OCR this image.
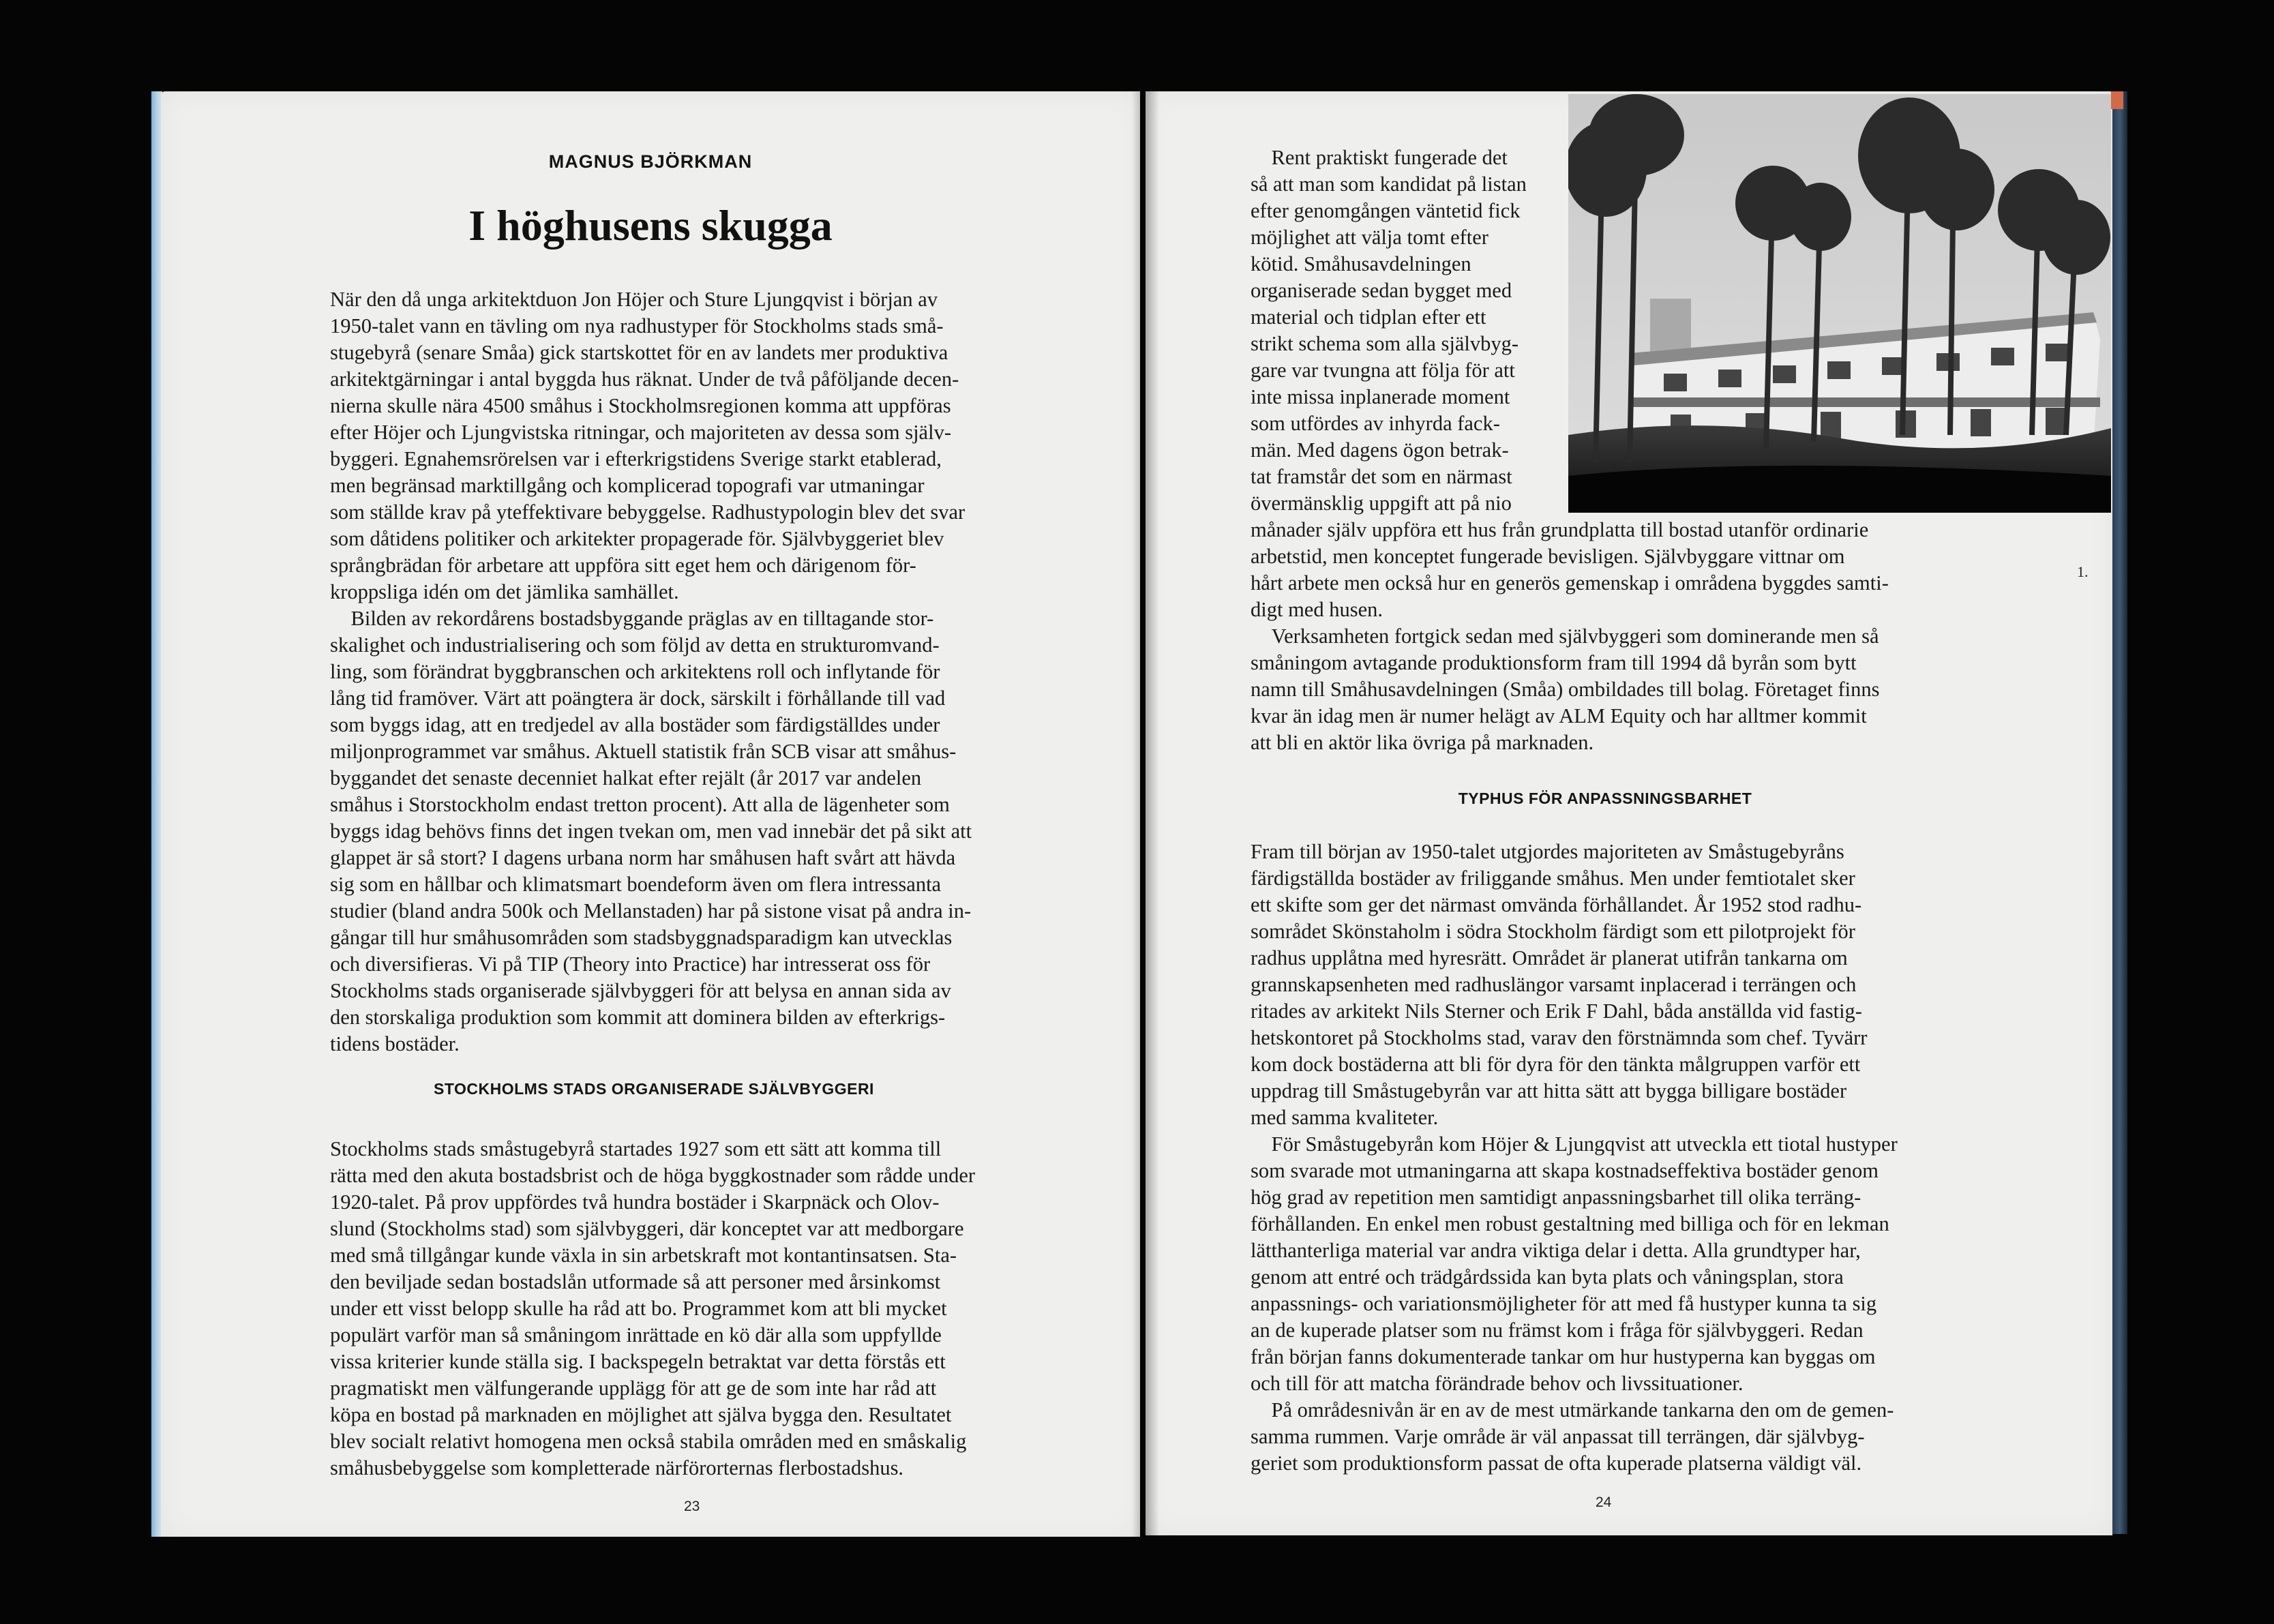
MAGNUS BJÖRKMAN
I höghusens skugga
När den då unga arkitektduon Jon Höjer och Sture Ljungqvist i början av
1950-talet vann en tävling om nya radhustyper för Stockholms stads små-
stugebyrå (senare Småa) gick startskottet för en av landets mer produktiva
arkitektgärningar i antal byggda hus räknat. Under de två påföljande decen-
nierna skulle nära 4500 småhus i Stockholmsregionen komma att uppföras
efter Höjer och Ljungvistska ritningar, och majoriteten av dessa som själv-
byggeri. Egnahemsrörelsen var i efterkrigstidens Sverige starkt etablerad,
men begränsad marktillgång och komplicerad topografi var utmaningar
som ställde krav på yteffektivare bebyggelse. Radhustypologin blev det svar
som dåtidens politiker och arkitekter propagerade för. Självbyggeriet blev
språngbrädan för arbetare att uppföra sitt eget hem och därigenom för-
kroppsliga idén om det jämlika samhället.
 Bilden av rekordårens bostadsbyggande präglas av en tilltagande stor-
skalighet och industrialisering och som följd av detta en strukturomvand-
ling, som förändrat byggbranschen och arkitektens roll och inflytande för
lång tid framöver. Värt att poängtera är dock, särskilt i förhållande till vad
som byggs idag, att en tredjedel av alla bostäder som färdigställdes under
miljonprogrammet var småhus. Aktuell statistik från SCB visar att småhus-
byggandet det senaste decenniet halkat efter rejält (år 2017 var andelen
småhus i Storstockholm endast tretton procent). Att alla de lägenheter som
byggs idag behövs finns det ingen tvekan om, men vad innebär det på sikt att
glappet är så stort? I dagens urbana norm har småhusen haft svårt att hävda
sig som en hållbar och klimatsmart boendeform även om flera intressanta
studier (bland andra 500k och Mellanstaden) har på sistone visat på andra in-
gångar till hur småhusområden som stadsbyggnadsparadigm kan utvecklas
och diversifieras. Vi på TIP (Theory into Practice) har intresserat oss för
Stockholms stads organiserade självbyggeri för att belysa en annan sida av
den storskaliga produktion som kommit att dominera bilden av efterkrigs-
tidens bostäder.
STOCKHOLMS STADS ORGANISERADE SJÄLVBYGGERI
Stockholms stads småstugebyrå startades 1927 som ett sätt att komma till
rätta med den akuta bostadsbrist och de höga byggkostnader som rådde under
1920-talet. På prov uppfördes två hundra bostäder i Skarpnäck och Olov-
slund (Stockholms stad) som självbyggeri, där konceptet var att medborgare
med små tillgångar kunde växla in sin arbetskraft mot kontantinsatsen. Sta-
den beviljade sedan bostadslån utformade så att personer med årsinkomst
under ett visst belopp skulle ha råd att bo. Programmet kom att bli mycket
populärt varför man så småningom inrättade en kö där alla som uppfyllde
vissa kriterier kunde ställa sig. I backspegeln betraktat var detta förstås ett
pragmatiskt men välfungerande upplägg för att ge de som inte har råd att
köpa en bostad på marknaden en möjlighet att själva bygga den. Resultatet
blev socialt relativt homogena men också stabila områden med en småskalig
småhusbebyggelse som kompletterade närförorternas flerbostadshus.
23
 Rent praktiskt fungerade det
så att man som kandidat på listan
efter genomgången väntetid fick
möjlighet att välja tomt efter
kötid. Småhusavdelningen
organiserade sedan bygget med
material och tidplan efter ett
strikt schema som alla självbyg-
gare var tvungna att följa för att
inte missa inplanerade moment
som utfördes av inhyrda fack-
män. Med dagens ögon betrak-
tat framstår det som en närmast
övermänsklig uppgift att på nio
månader själv uppföra ett hus från grundplatta till bostad utanför ordinarie
arbetstid, men konceptet fungerade bevisligen. Självbyggare vittnar om
hårt arbete men också hur en generös gemenskap i områdena byggdes samti-
digt med husen.
 Verksamheten fortgick sedan med självbyggeri som dominerande men så
småningom avtagande produktionsform fram till 1994 då byrån som bytt
namn till Småhusavdelningen (Småa) ombildades till bolag. Företaget finns
kvar än idag men är numer helägt av ALM Equity och har alltmer kommit
att bli en aktör lika övriga på marknaden.
1.
TYPHUS FÖR ANPASSNINGSBARHET
Fram till början av 1950-talet utgjordes majoriteten av Småstugebyråns
färdigställda bostäder av friliggande småhus. Men under femtiotalet sker
ett skifte som ger det närmast omvända förhållandet. År 1952 stod radhu-
sområdet Skönstaholm i södra Stockholm färdigt som ett pilotprojekt för
radhus upplåtna med hyresrätt. Området är planerat utifrån tankarna om
grannskapsenheten med radhuslängor varsamt inplacerad i terrängen och
ritades av arkitekt Nils Sterner och Erik F Dahl, båda anställda vid fastig-
hetskontoret på Stockholms stad, varav den förstnämnda som chef. Tyvärr
kom dock bostäderna att bli för dyra för den tänkta målgruppen varför ett
uppdrag till Småstugebyrån var att hitta sätt att bygga billigare bostäder
med samma kvaliteter.
 För Småstugebyrån kom Höjer & Ljungqvist att utveckla ett tiotal hustyper
som svarade mot utmaningarna att skapa kostnadseffektiva bostäder genom
hög grad av repetition men samtidigt anpassningsbarhet till olika terräng-
förhållanden. En enkel men robust gestaltning med billiga och för en lekman
lätthanterliga material var andra viktiga delar i detta. Alla grundtyper har,
genom att entré och trädgårdssida kan byta plats och våningsplan, stora
anpassnings- och variationsmöjligheter för att med få hustyper kunna ta sig
an de kuperade platser som nu främst kom i fråga för självbyggeri. Redan
från början fanns dokumenterade tankar om hur hustyperna kan byggas om
och till för att matcha förändrade behov och livssituationer.
 På områdesnivån är en av de mest utmärkande tankarna den om de gemen-
samma rummen. Varje område är väl anpassat till terrängen, där självbyg-
geriet som produktionsform passat de ofta kuperade platserna väldigt väl.
24
